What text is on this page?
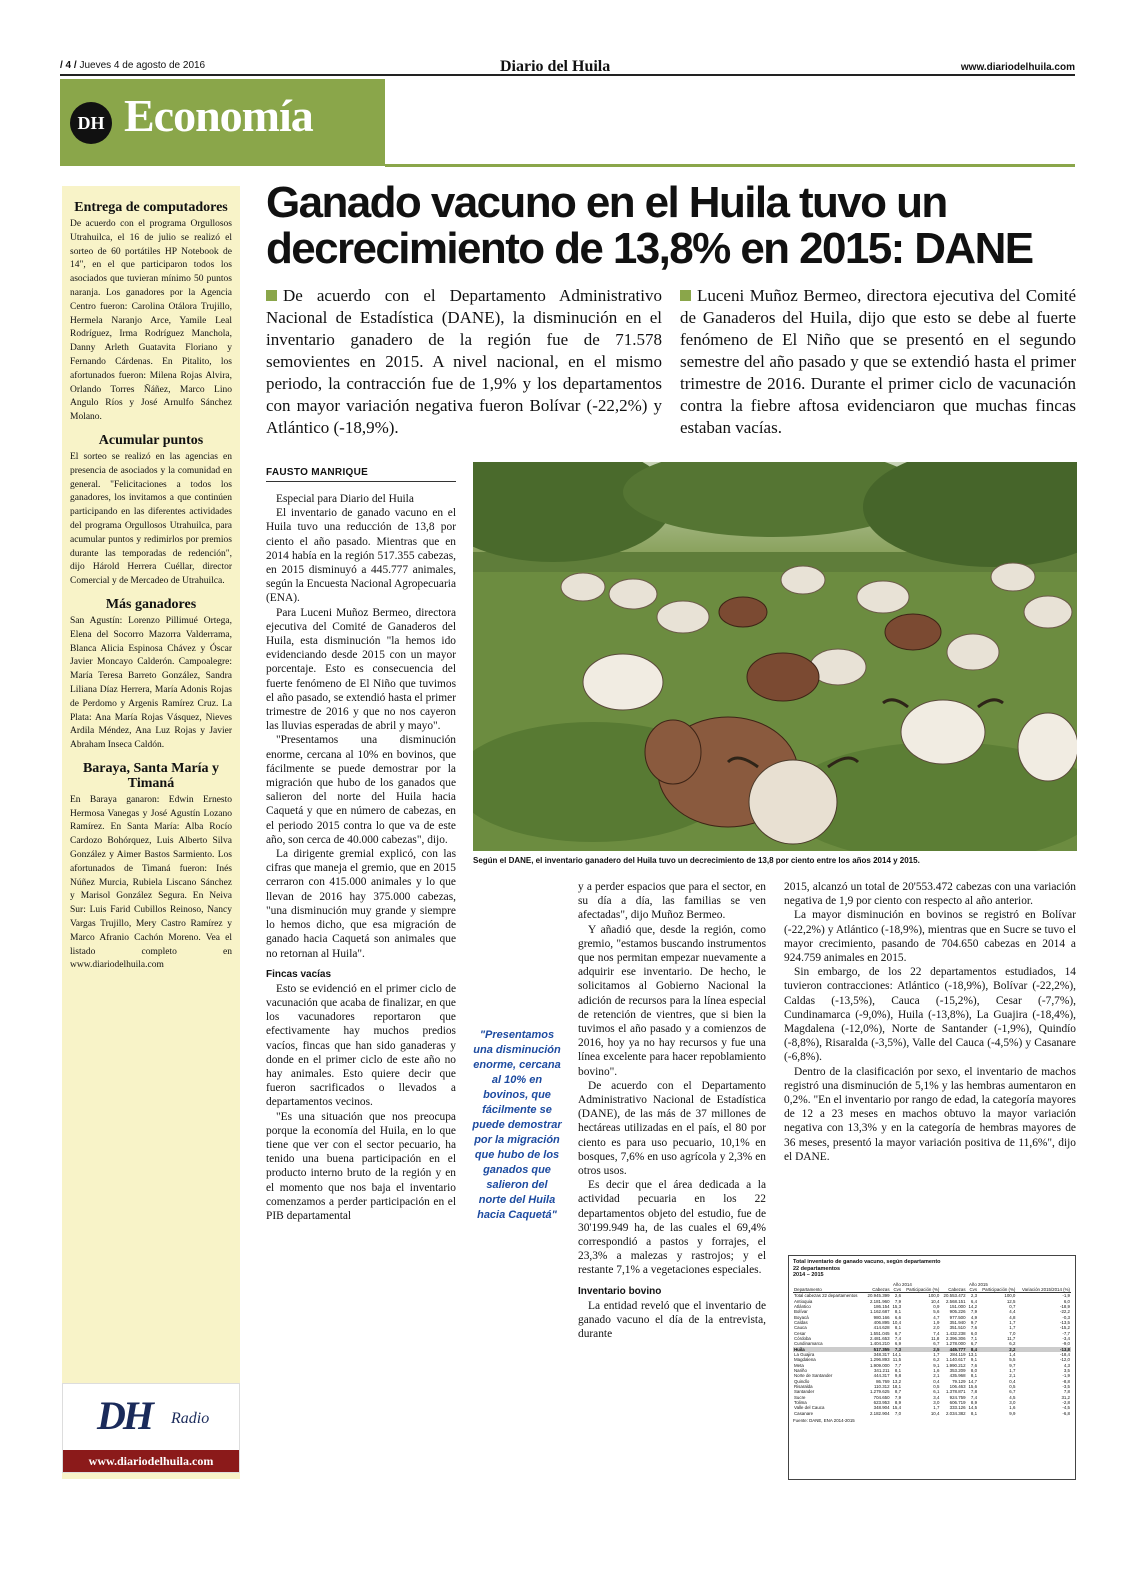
/ 4 / Jueves 4 de agosto de 2016	Diario del Huila	www.diariodelhuila.com
DH Economía
Entrega de computadores

De acuerdo con el programa Orgullosos Utrahuilca, el 16 de julio se realizó el sorteo de 60 portátiles HP Notebook de 14", en el que participaron todos los asociados que tuvieran mínimo 50 puntos naranja. Los ganadores por la Agencia Centro fueron: Carolina Otálora Trujillo, Hermela Naranjo Arce, Yamile Leal Rodríguez, Irma Rodríguez Manchola, Danny Arleth Guatavita Floriano y Fernando Cárdenas. En Pitalito, los afortunados fueron: Milena Rojas Alvira, Orlando Torres Ñáñez, Marco Lino Angulo Ríos y José Arnulfo Sánchez Molano.

Acumular puntos

El sorteo se realizó en las agencias en presencia de asociados y la comunidad en general. "Felicitaciones a todos los ganadores, los invitamos a que continúen participando en las diferentes actividades del programa Orgullosos Utrahuilca, para acumular puntos y redimirlos por premios durante las temporadas de redención", dijo Hárold Herrera Cuéllar, director Comercial y de Mercadeo de Utrahuilca.

Más ganadores

San Agustín: Lorenzo Pillimué Ortega, Elena del Socorro Mazorra Valderrama, Blanca Alicia Espinosa Chávez y Óscar Javier Moncayo Calderón. Campoalegre: María Teresa Barreto González, Sandra Liliana Díaz Herrera, María Adonis Rojas de Perdomo y Argenis Ramírez Cruz. La Plata: Ana María Rojas Vásquez, Nieves Ardila Méndez, Ana Luz Rojas y Javier Abraham Inseca Caldón.

Baraya, Santa María y Timaná

En Baraya ganaron: Edwin Ernesto Hermosa Vanegas y José Agustín Lozano Ramírez. En Santa María: Alba Rocío Cardozo Bohórquez, Luis Alberto Silva González y Aimer Bastos Sarmiento. Los afortunados de Timaná fueron: Inés Núñez Murcia, Rubiela Liscano Sánchez y Marisol González Segura. En Neiva Sur: Luis Farid Cubillos Reinoso, Nancy Vargas Trujillo, Mery Castro Ramírez y Marco Afranio Cachón Moreno. Vea el listado completo en www.diariodelhuila.com

DH Radio
www.diariodelhuila.com
Ganado vacuno en el Huila tuvo un decrecimiento de 13,8% en 2015: DANE
De acuerdo con el Departamento Administrativo Nacional de Estadística (DANE), la disminución en el inventario ganadero de la región fue de 71.578 semovientes en 2015. A nivel nacional, en el mismo periodo, la contracción fue de 1,9% y los departamentos con mayor variación negativa fueron Bolívar (-22,2%) y Atlántico (-18,9%).
Luceni Muñoz Bermeo, directora ejecutiva del Comité de Ganaderos del Huila, dijo que esto se debe al fuerte fenómeno de El Niño que se presentó en el segundo semestre del año pasado y que se extendió hasta el primer trimestre de 2016. Durante el primer ciclo de vacunación contra la fiebre aftosa evidenciaron que muchas fincas estaban vacías.
FAUSTO MANRIQUE

Especial para Diario del Huila

El inventario de ganado vacuno en el Huila tuvo una reducción de 13,8 por ciento el año pasado. Mientras que en 2014 había en la región 517.355 cabezas, en 2015 disminuyó a 445.777 animales, según la Encuesta Nacional Agropecuaria (ENA).

Para Luceni Muñoz Bermeo, directora ejecutiva del Comité de Ganaderos del Huila, esta disminución "la hemos ido evidenciando desde 2015 con un mayor porcentaje. Esto es consecuencia del fuerte fenómeno de El Niño que tuvimos el año pasado, se extendió hasta el primer trimestre de 2016 y que no nos cayeron las lluvias esperadas de abril y mayo".

"Presentamos una disminución enorme, cercana al 10% en bovinos, que fácilmente se puede demostrar por la migración que hubo de los ganados que salieron del norte del Huila hacia Caquetá y que en número de cabezas, en el periodo 2015 contra lo que va de este año, son cerca de 40.000 cabezas", dijo.

La dirigente gremial explicó, con las cifras que maneja el gremio, que en 2015 cerraron con 415.000 animales y lo que llevan de 2016 hay 375.000 cabezas, "una disminución muy grande y siempre lo hemos dicho, que esa migración de ganado hacia Caquetá son animales que no retornan al Huila".

Fincas vacías

Esto se evidenció en el primer ciclo de vacunación que acaba de finalizar, en que los vacunadores reportaron que efectivamente hay muchos predios vacíos, fincas que han sido ganaderas y donde en el primer ciclo de este año no hay animales. Esto quiere decir que fueron sacrificados o llevados a departamentos vecinos.

"Es una situación que nos preocupa porque la economía del Huila, en lo que tiene que ver con el sector pecuario, ha tenido una buena participación en el producto interno bruto de la región y en el momento que nos baja el inventario comenzamos a perder participación en el PIB departamental

Según el DANE, el inventario ganadero del Huila tuvo un decrecimiento de 13,8 por ciento entre los años 2014 y 2015.
"Presentamos una disminución enorme, cercana al 10% en bovinos, que fácilmente se puede demostrar por la migración que hubo de los ganados que salieron del norte del Huila hacia Caquetá"

y a perder espacios que para el sector, en su día a día, las familias se ven afectadas", dijo Muñoz Bermeo.

Y añadió que, desde la región, como gremio, "estamos buscando instrumentos que nos permitan empezar nuevamente a adquirir ese inventario. De hecho, le solicitamos al Gobierno Nacional la adición de recursos para la línea especial de retención de vientres, que si bien la tuvimos el año pasado y a comienzos de 2016, hoy ya no hay recursos y fue una línea excelente para hacer repoblamiento bovino".

De acuerdo con el Departamento Administrativo Nacional de Estadística (DANE), de las más de 37 millones de hectáreas utilizadas en el país, el 80 por ciento es para uso pecuario, 10,1% en bosques, 7,6% en uso agrícola y 2,3% en otros usos.

Es decir que el área dedicada a la actividad pecuaria en los 22 departamentos objeto del estudio, fue de 30'199.949 ha, de las cuales el 69,4% correspondió a pastos y forrajes, el 23,3% a malezas y rastrojos; y el restante 7,1% a vegetaciones especiales.

Inventario bovino

La entidad reveló que el inventario de ganado vacuno el día de la entrevista, durante

2015, alcanzó un total de 20'553.472 cabezas con una variación negativa de 1,9 por ciento con respecto al año anterior.

La mayor disminución en bovinos se registró en Bolívar (-22,2%) y Atlántico (-18,9%), mientras que en Sucre se tuvo el mayor crecimiento, pasando de 704.650 cabezas en 2014 a 924.759 animales en 2015.

Sin embargo, de los 22 departamentos estudiados, 14 tuvieron contracciones: Atlántico (-18,9%), Bolívar (-22,2%), Caldas (-13,5%), Cauca (-15,2%), Cesar (-7,7%), Cundinamarca (-9,0%), Huila (-13,8%), La Guajira (-18,4%), Magdalena (-12,0%), Norte de Santander (-1,9%), Quindío (-8,8%), Risaralda (-3,5%), Valle del Cauca (-4,5%) y Casanare (-6,8%).

Dentro de la clasificación por sexo, el inventario de machos registró una disminución de 5,1% y las hembras aumentaron en 0,2%. "En el inventario por rango de edad, la categoría mayores de 12 a 23 meses en machos obtuvo la mayor variación negativa con 13,3% y en la categoría de hembras mayores de 36 meses, presentó la mayor variación positiva de 11,6%", dijo el DANE.

Total inventario de ganado vacuno, según departamento
22 departamentos
2014 – 2015
	Año 2014			Año 2015			
Departamento	Cabezas	Cvs	Participación (%)	Cabezas	Cvs	Participación (%)	Variación 2015/2014 (%)
Total cabezas 22 departamentos	20.945.399	2,6	100,0	20.553.472	2,3	100,0	-1,9
Antioquia	2.181.960	7,9	10,4	2.568.151	6,4	12,5	6,0
Atlántico	186.154	15,3	0,9	151.000	14,2	0,7	-18,9
Bolívar	1.162.687	8,1	5,6	905.226	7,9	4,4	-22,2
Boyacá	980.166	6,6	4,7	977.500	4,9	4,8	-0,3
Caldas	406.895	10,4	1,9	351.940	9,7	1,7	-13,5
Cauca	414.628	8,1	2,0	351.510	7,6	1,7	-15,2
Cesar	1.551.045	6,7	7,4	1.432.238	6,0	7,0	-7,7
Córdoba	2.481.653	7,4	11,8	2.396.306	7,1	11,7	-3,4
Cundinamarca	1.404.210	6,9	6,7	1.278.000	6,7	6,2	-9,0
Huila	517.355	7,3	2,5	445.777	8,4	2,2	-13,8
La Guajira	348.317	14,1	1,7	284.119	13,1	1,4	-18,4
Magdalena	1.296.893	11,5	6,2	1.140.617	9,1	5,5	-12,0
Meta	1.909.000	7,7	9,1	1.990.212	7,6	9,7	4,3
Nariño	341.211	8,1	1,6	353.209	8,0	1,7	3,5
Norte de Santander	444.317	9,8	2,1	435.968	8,1	2,1	-1,9
Quindío	86.769	13,2	0,4	79.129	14,7	0,4	-8,8
Risaralda	110.312	18,1	0,5	106.463	15,6	0,5	-3,5
Santander	1.279.625	8,7	6,1	1.378.871	7,8	6,7	7,8
Sucre	704.650	7,9	3,4	924.759	7,4	4,5	31,2
Tolima	623.953	8,9	3,0	606.719	8,9	3,0	-2,8
Valle del Cauca	348.904	15,4	1,7	333.126	14,5	1,6	-4,5
Casanare	2.182.904	7,0	10,4	2.034.382	8,1	9,9	-6,8
Fuente: DANE, ENA 2014-2015
